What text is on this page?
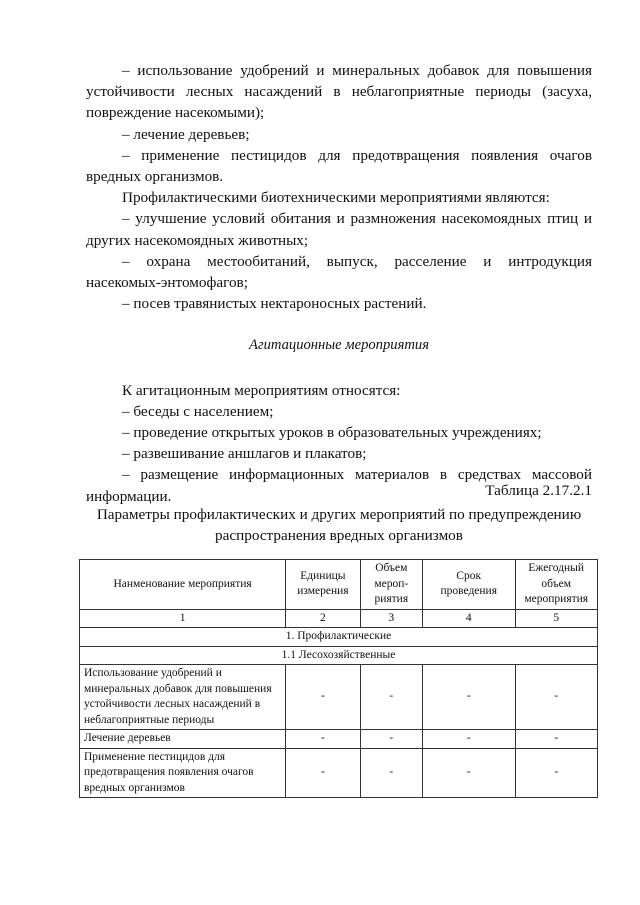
– использование удобрений и минеральных добавок для повышения устойчивости лесных насаждений в неблагоприятные периоды (засуха, повреждение насекомыми);

– лечение деревьев;

– применение пестицидов для предотвращения появления очагов вредных организмов.

Профилактическими биотехническими мероприятиями являются:

– улучшение условий обитания и размножения насекомоядных птиц и других насекомоядных животных;

– охрана местообитаний, выпуск, расселение и интродукция насекомых-энтомофагов;

– посев травянистых нектароносных растений.

Агитационные мероприятия

К агитационным мероприятиям относятся:

– беседы с населением;

– проведение открытых уроков в образовательных учреждениях;

– развешивание аншлагов и плакатов;

– размещение информационных материалов в средствах массовой информации.	Таблица 2.17.2.1
Параметры профилактических и других мероприятий по предупреждению распространения вредных организмов
Нанменование мероприятия	Единицы измерения	Объем мероп-риятия	Срок проведения	Ежегодный объем мероприятия
1	2	3	4	5
1. Профилактические				
1.1 Лесохозяйственные				
Использование удобрений и минеральных добавок для повышения устойчивости лесных насаждений в неблагоприятные периоды	-	-	-	-
Лечение деревьев	-	-	-	-
Применение пестицидов для предотвращения появления очагов вредных организмов	-	-	-	-
